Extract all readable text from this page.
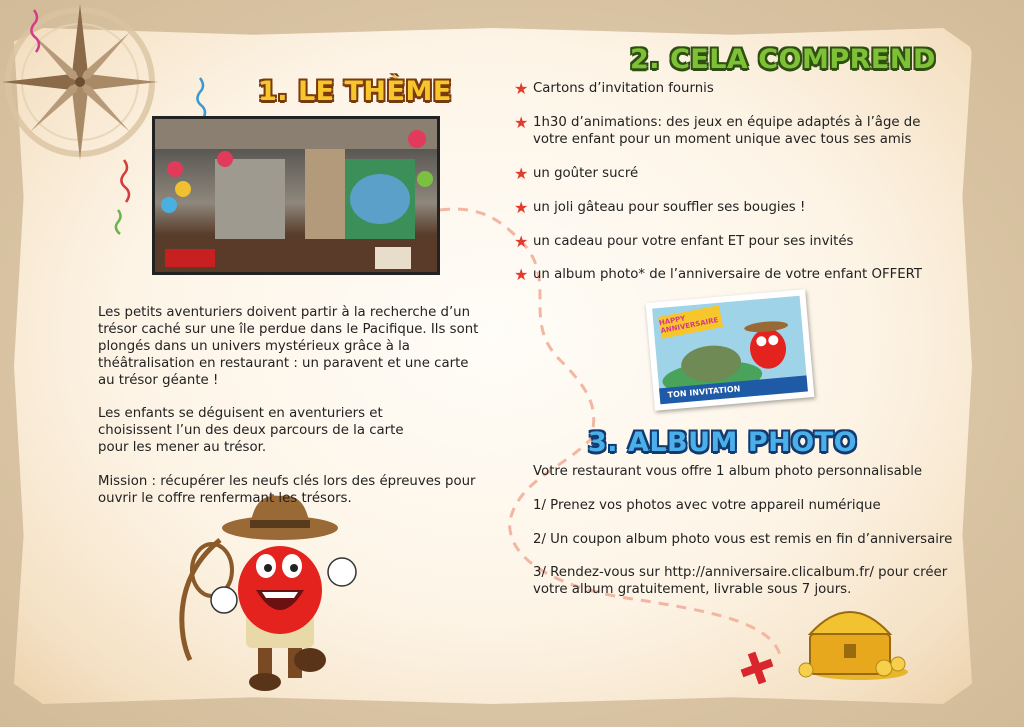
1. LE THÈME

Les petits aventuriers doivent partir à la recherche d’un trésor caché sur une île perdue dans le Pacifique. Ils sont plongés dans un univers mystérieux grâce à la théâtralisation en restaurant : un paravent et une carte au trésor géante !

Les enfants se déguisent en aventuriers et choisissent l’un des deux parcours de la carte pour les mener au trésor.

Mission : récupérer les neufs clés lors des épreuves pour ouvrir le coffre renfermant les trésors.

2. CELA COMPREND
★ Cartons d’invitation fournis
★ 1h30 d’animations: des jeux en équipe adaptés à l’âge de votre enfant pour un moment unique avec tous ses amis
★ un goûter sucré
★ un joli gâteau pour souffler ses bougies !
★ un cadeau pour votre enfant ET pour ses invités
★ un album photo* de l’anniversaire de votre enfant OFFERT
HAPPY ANNIVERSAIRE
TON INVITATION
3. ALBUM PHOTO

Votre restaurant vous offre 1 album photo personnalisable

1/ Prenez vos photos avec votre appareil numérique

2/ Un coupon album photo vous est remis en fin d’anniversaire

3/ Rendez-vous sur http://anniversaire.clicalbum.fr/ pour créer votre album gratuitement, livrable sous 7 jours.
